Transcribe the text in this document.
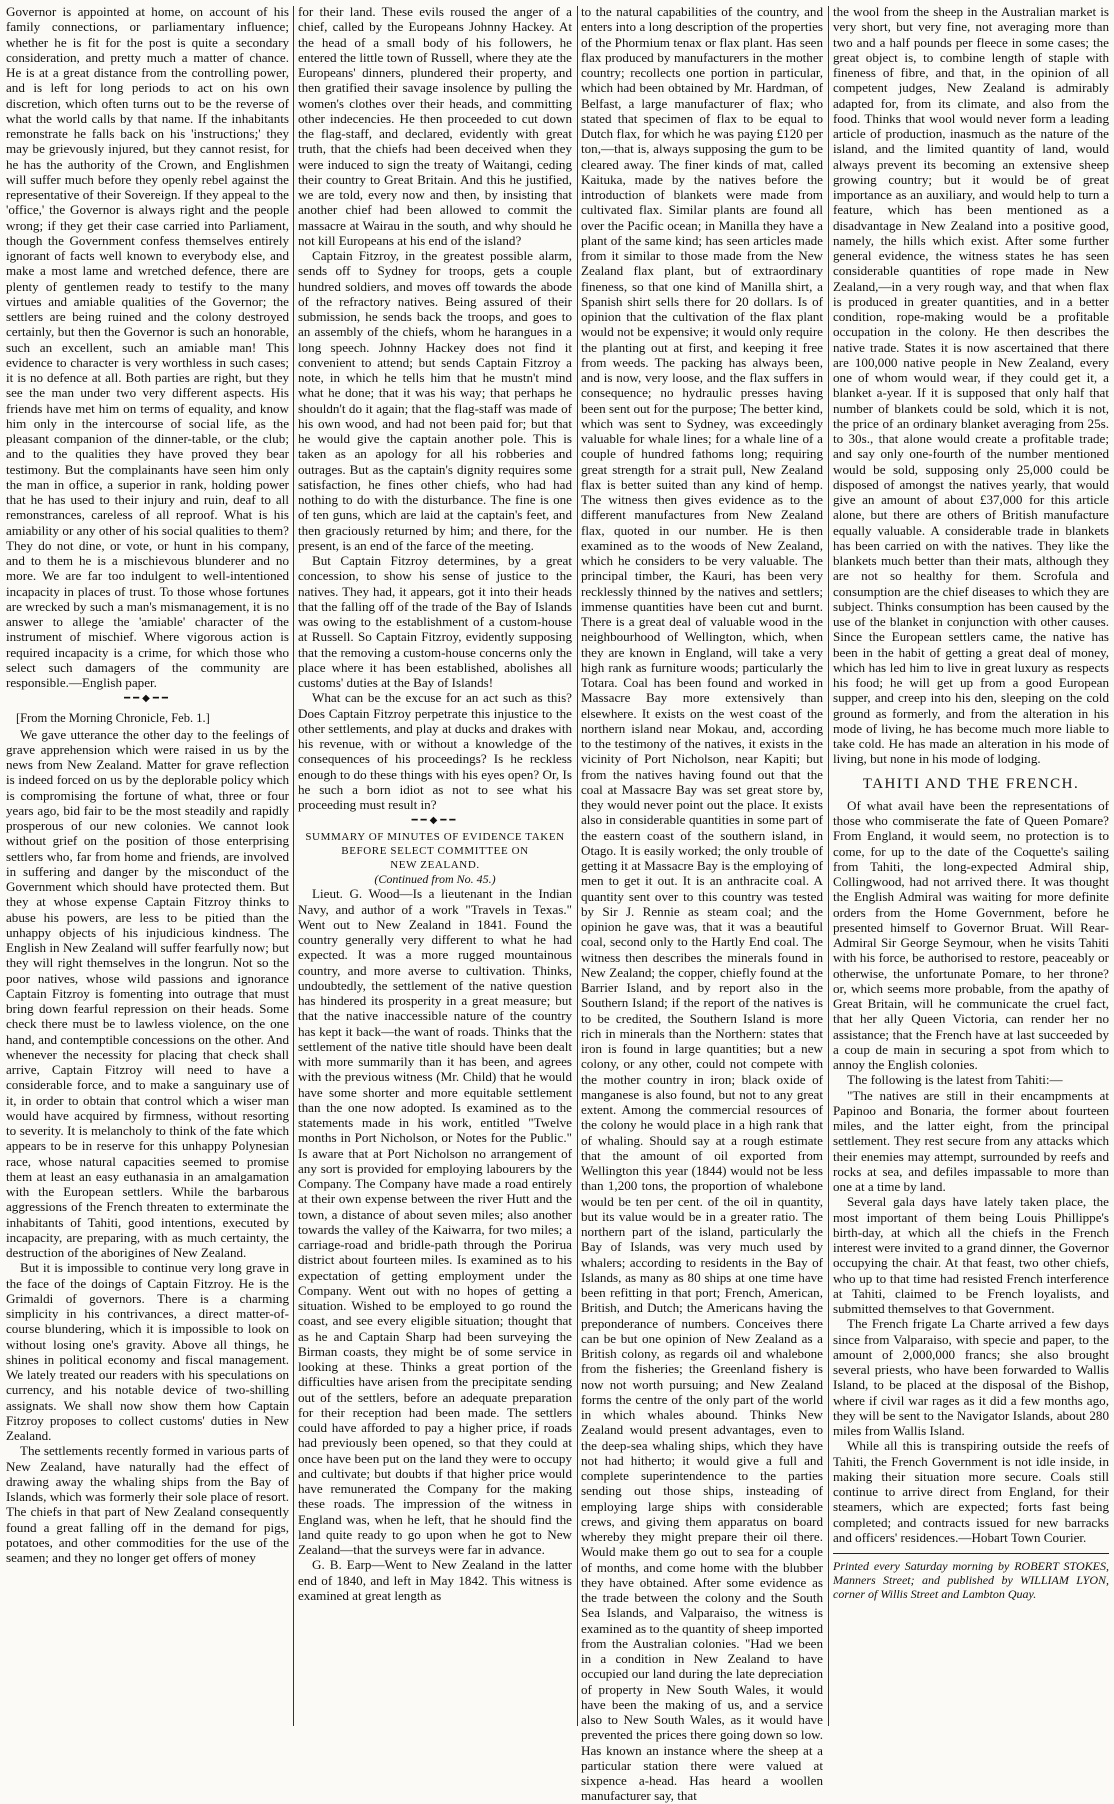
Governor is appointed at home, on account of his family connections, or parliamentary influence; whether he is fit for the post is quite a secondary consideration, and pretty much a matter of chance. He is at a great distance from the controlling power, and is left for long periods to act on his own discretion, which often turns out to be the reverse of what the world calls by that name. If the inhabitants remonstrate he falls back on his 'instructions;' they may be grievously injured, but they cannot resist, for he has the authority of the Crown, and Englishmen will suffer much before they openly rebel against the representative of their Sovereign. If they appeal to the 'office,' the Governor is always right and the people wrong; if they get their case carried into Parliament, though the Government confess themselves entirely ignorant of facts well known to everybody else, and make a most lame and wretched defence, there are plenty of gentlemen ready to testify to the many virtues and amiable qualities of the Governor; the settlers are being ruined and the colony destroyed certainly, but then the Governor is such an honorable, such an excellent, such an amiable man! This evidence to character is very worthless in such cases; it is no defence at all. Both parties are right, but they see the man under two very different aspects. His friends have met him on terms of equality, and know him only in the intercourse of social life, as the pleasant companion of the dinner-table, or the club; and to the qualities they have proved they bear testimony. But the complainants have seen him only the man in office, a superior in rank, holding power that he has used to their injury and ruin, deaf to all remonstrances, careless of all reproof. What is his amiability or any other of his social qualities to them? They do not dine, or vote, or hunt in his company, and to them he is a mischievous blunderer and no more. We are far too indulgent to well-intentioned incapacity in places of trust. To those whose fortunes are wrecked by such a man's mismanagement, it is no answer to allege the 'amiable' character of the instrument of mischief. Where vigorous action is required incapacity is a crime, for which those who select such damagers of the community are responsible.—English paper.

━━◆━━

[From the Morning Chronicle, Feb. 1.]

We gave utterance the other day to the feelings of grave apprehension which were raised in us by the news from New Zealand. Matter for grave reflection is indeed forced on us by the deplorable policy which is compromising the fortune of what, three or four years ago, bid fair to be the most steadily and rapidly prosperous of our new colonies. We cannot look without grief on the position of those enterprising settlers who, far from home and friends, are involved in suffering and danger by the misconduct of the Government which should have protected them. But they at whose expense Captain Fitzroy thinks to abuse his powers, are less to be pitied than the unhappy objects of his injudicious kindness. The English in New Zealand will suffer fearfully now; but they will right themselves in the longrun. Not so the poor natives, whose wild passions and ignorance Captain Fitzroy is fomenting into outrage that must bring down fearful repression on their heads. Some check there must be to lawless violence, on the one hand, and contemptible concessions on the other. And whenever the necessity for placing that check shall arrive, Captain Fitzroy will need to have a considerable force, and to make a sanguinary use of it, in order to obtain that control which a wiser man would have acquired by firmness, without resorting to severity. It is melancholy to think of the fate which appears to be in reserve for this unhappy Polynesian race, whose natural capacities seemed to promise them at least an easy euthanasia in an amalgamation with the European settlers. While the barbarous aggressions of the French threaten to exterminate the inhabitants of Tahiti, good intentions, executed by incapacity, are preparing, with as much certainty, the destruction of the aborigines of New Zealand.

But it is impossible to continue very long grave in the face of the doings of Captain Fitzroy. He is the Grimaldi of governors. There is a charming simplicity in his contrivances, a direct matter-of-course blundering, which it is impossible to look on without losing one's gravity. Above all things, he shines in political economy and fiscal management. We lately treated our readers with his speculations on currency, and his notable device of two-shilling assignats. We shall now show them how Captain Fitzroy proposes to collect customs' duties in New Zealand.

The settlements recently formed in various parts of New Zealand, have naturally had the effect of drawing away the whaling ships from the Bay of Islands, which was formerly their sole place of resort. The chiefs in that part of New Zealand consequently found a great falling off in the demand for pigs, potatoes, and other commodities for the use of the seamen; and they no longer get offers of money

for their land. These evils roused the anger of a chief, called by the Europeans Johnny Hackey. At the head of a small body of his followers, he entered the little town of Russell, where they ate the Europeans' dinners, plundered their property, and then gratified their savage insolence by pulling the women's clothes over their heads, and committing other indecencies. He then proceeded to cut down the flag-staff, and declared, evidently with great truth, that the chiefs had been deceived when they were induced to sign the treaty of Waitangi, ceding their country to Great Britain. And this he justified, we are told, every now and then, by insisting that another chief had been allowed to commit the massacre at Wairau in the south, and why should he not kill Europeans at his end of the island?

Captain Fitzroy, in the greatest possible alarm, sends off to Sydney for troops, gets a couple hundred soldiers, and moves off towards the abode of the refractory natives. Being assured of their submission, he sends back the troops, and goes to an assembly of the chiefs, whom he harangues in a long speech. Johnny Hackey does not find it convenient to attend; but sends Captain Fitzroy a note, in which he tells him that he mustn't mind what he done; that it was his way; that perhaps he shouldn't do it again; that the flag-staff was made of his own wood, and had not been paid for; but that he would give the captain another pole. This is taken as an apology for all his robberies and outrages. But as the captain's dignity requires some satisfaction, he fines other chiefs, who had had nothing to do with the disturbance. The fine is one of ten guns, which are laid at the captain's feet, and then graciously returned by him; and there, for the present, is an end of the farce of the meeting.

But Captain Fitzroy determines, by a great concession, to show his sense of justice to the natives. They had, it appears, got it into their heads that the falling off of the trade of the Bay of Islands was owing to the establishment of a custom-house at Russell. So Captain Fitzroy, evidently supposing that the removing a custom-house concerns only the place where it has been established, abolishes all customs' duties at the Bay of Islands!

What can be the excuse for an act such as this? Does Captain Fitzroy perpetrate this injustice to the other settlements, and play at ducks and drakes with his revenue, with or without a knowledge of the consequences of his proceedings? Is he reckless enough to do these things with his eyes open? Or, Is he such a born idiot as not to see what his proceeding must result in?

━━◆━━
SUMMARY OF MINUTES OF EVIDENCE TAKEN BEFORE SELECT COMMITTEE ON
NEW ZEALAND.
(Continued from No. 45.)

Lieut. G. Wood—Is a lieutenant in the Indian Navy, and author of a work "Travels in Texas." Went out to New Zealand in 1841. Found the country generally very different to what he had expected. It was a more rugged mountainous country, and more averse to cultivation. Thinks, undoubtedly, the settlement of the native question has hindered its prosperity in a great measure; but that the native inaccessible nature of the country has kept it back—the want of roads. Thinks that the settlement of the native title should have been dealt with more summarily than it has been, and agrees with the previous witness (Mr. Child) that he would have some shorter and more equitable settlement than the one now adopted. Is examined as to the statements made in his work, entitled "Twelve months in Port Nicholson, or Notes for the Public." Is aware that at Port Nicholson no arrangement of any sort is provided for employing labourers by the Company. The Company have made a road entirely at their own expense between the river Hutt and the town, a distance of about seven miles; also another towards the valley of the Kaiwarra, for two miles; a carriage-road and bridle-path through the Porirua district about fourteen miles. Is examined as to his expectation of getting employment under the Company. Went out with no hopes of getting a situation. Wished to be employed to go round the coast, and see every eligible situation; thought that as he and Captain Sharp had been surveying the Birman coasts, they might be of some service in looking at these. Thinks a great portion of the difficulties have arisen from the precipitate sending out of the settlers, before an adequate preparation for their reception had been made. The settlers could have afforded to pay a higher price, if roads had previously been opened, so that they could at once have been put on the land they were to occupy and cultivate; but doubts if that higher price would have remunerated the Company for the making these roads. The impression of the witness in England was, when he left, that he should find the land quite ready to go upon when he got to New Zealand—that the surveys were far in advance.

G. B. Earp—Went to New Zealand in the latter end of 1840, and left in May 1842. This witness is examined at great length as

to the natural capabilities of the country, and enters into a long description of the properties of the Phormium tenax or flax plant. Has seen flax produced by manufacturers in the mother country; recollects one portion in particular, which had been obtained by Mr. Hardman, of Belfast, a large manufacturer of flax; who stated that specimen of flax to be equal to Dutch flax, for which he was paying £120 per ton,—that is, always supposing the gum to be cleared away. The finer kinds of mat, called Kaituka, made by the natives before the introduction of blankets were made from cultivated flax. Similar plants are found all over the Pacific ocean; in Manilla they have a plant of the same kind; has seen articles made from it similar to those made from the New Zealand flax plant, but of extraordinary fineness, so that one kind of Manilla shirt, a Spanish shirt sells there for 20 dollars. Is of opinion that the cultivation of the flax plant would not be expensive; it would only require the planting out at first, and keeping it free from weeds. The packing has always been, and is now, very loose, and the flax suffers in consequence; no hydraulic presses having been sent out for the purpose; The better kind, which was sent to Sydney, was exceedingly valuable for whale lines; for a whale line of a couple of hundred fathoms long; requiring great strength for a strait pull, New Zealand flax is better suited than any kind of hemp. The witness then gives evidence as to the different manufactures from New Zealand flax, quoted in our number. He is then examined as to the woods of New Zealand, which he considers to be very valuable. The principal timber, the Kauri, has been very recklessly thinned by the natives and settlers; immense quantities have been cut and burnt. There is a great deal of valuable wood in the neighbourhood of Wellington, which, when they are known in England, will take a very high rank as furniture woods; particularly the Totara. Coal has been found and worked in Massacre Bay more extensively than elsewhere. It exists on the west coast of the northern island near Mokau, and, according to the testimony of the natives, it exists in the vicinity of Port Nicholson, near Kapiti; but from the natives having found out that the coal at Massacre Bay was set great store by, they would never point out the place. It exists also in considerable quantities in some part of the eastern coast of the southern island, in Otago. It is easily worked; the only trouble of getting it at Massacre Bay is the employing of men to get it out. It is an anthracite coal. A quantity sent over to this country was tested by Sir J. Rennie as steam coal; and the opinion he gave was, that it was a beautiful coal, second only to the Hartly End coal. The witness then describes the minerals found in New Zealand; the copper, chiefly found at the Barrier Island, and by report also in the Southern Island; if the report of the natives is to be credited, the Southern Island is more rich in minerals than the Northern: states that iron is found in large quantities; but a new colony, or any other, could not compete with the mother country in iron; black oxide of manganese is also found, but not to any great extent. Among the commercial resources of the colony he would place in a high rank that of whaling. Should say at a rough estimate that the amount of oil exported from Wellington this year (1844) would not be less than 1,200 tons, the proportion of whalebone would be ten per cent. of the oil in quantity, but its value would be in a greater ratio. The northern part of the island, particularly the Bay of Islands, was very much used by whalers; according to residents in the Bay of Islands, as many as 80 ships at one time have been refitting in that port; French, American, British, and Dutch; the Americans having the preponderance of numbers. Conceives there can be but one opinion of New Zealand as a British colony, as regards oil and whalebone from the fisheries; the Greenland fishery is now not worth pursuing; and New Zealand forms the centre of the only part of the world in which whales abound. Thinks New Zealand would present advantages, even to the deep-sea whaling ships, which they have not had hitherto; it would give a full and complete superintendence to the parties sending out those ships, insteading of employing large ships with considerable crews, and giving them apparatus on board whereby they might prepare their oil there. Would make them go out to sea for a couple of months, and come home with the blubber they have obtained. After some evidence as the trade between the colony and the South Sea Islands, and Valparaiso, the witness is examined as to the quantity of sheep imported from the Australian colonies. "Had we been in a condition in New Zealand to have occupied our land during the late depreciation of property in New South Wales, it would have been the making of us, and a service also to New South Wales, as it would have prevented the prices there going down so low. Has known an instance where the sheep at a particular station there were valued at sixpence a-head. Has heard a woollen manufacturer say, that

the wool from the sheep in the Australian market is very short, but very fine, not averaging more than two and a half pounds per fleece in some cases; the great object is, to combine length of staple with fineness of fibre, and that, in the opinion of all competent judges, New Zealand is admirably adapted for, from its climate, and also from the food. Thinks that wool would never form a leading article of production, inasmuch as the nature of the island, and the limited quantity of land, would always prevent its becoming an extensive sheep growing country; but it would be of great importance as an auxiliary, and would help to turn a feature, which has been mentioned as a disadvantage in New Zealand into a positive good, namely, the hills which exist. After some further general evidence, the witness states he has seen considerable quantities of rope made in New Zealand,—in a very rough way, and that when flax is produced in greater quantities, and in a better condition, rope-making would be a profitable occupation in the colony. He then describes the native trade. States it is now ascertained that there are 100,000 native people in New Zealand, every one of whom would wear, if they could get it, a blanket a-year. If it is supposed that only half that number of blankets could be sold, which it is not, the price of an ordinary blanket averaging from 25s. to 30s., that alone would create a profitable trade; and say only one-fourth of the number mentioned would be sold, supposing only 25,000 could be disposed of amongst the natives yearly, that would give an amount of about £37,000 for this article alone, but there are others of British manufacture equally valuable. A considerable trade in blankets has been carried on with the natives. They like the blankets much better than their mats, although they are not so healthy for them. Scrofula and consumption are the chief diseases to which they are subject. Thinks consumption has been caused by the use of the blanket in conjunction with other causes. Since the European settlers came, the native has been in the habit of getting a great deal of money, which has led him to live in great luxury as respects his food; he will get up from a good European supper, and creep into his den, sleeping on the cold ground as formerly, and from the alteration in his mode of living, he has become much more liable to take cold. He has made an alteration in his mode of living, but none in his mode of lodging.

TAHITI AND THE FRENCH.

Of what avail have been the representations of those who commiserate the fate of Queen Pomare? From England, it would seem, no protection is to come, for up to the date of the Coquette's sailing from Tahiti, the long-expected Admiral ship, Collingwood, had not arrived there. It was thought the English Admiral was waiting for more definite orders from the Home Government, before he presented himself to Governor Bruat. Will Rear-Admiral Sir George Seymour, when he visits Tahiti with his force, be authorised to restore, peaceably or otherwise, the unfortunate Pomare, to her throne? or, which seems more probable, from the apathy of Great Britain, will he communicate the cruel fact, that her ally Queen Victoria, can render her no assistance; that the French have at last succeeded by a coup de main in securing a spot from which to annoy the English colonies.

The following is the latest from Tahiti:—

"The natives are still in their encampments at Papinoo and Bonaria, the former about fourteen miles, and the latter eight, from the principal settlement. They rest secure from any attacks which their enemies may attempt, surrounded by reefs and rocks at sea, and defiles impassable to more than one at a time by land.

Several gala days have lately taken place, the most important of them being Louis Phillippe's birth-day, at which all the chiefs in the French interest were invited to a grand dinner, the Governor occupying the chair. At that feast, two other chiefs, who up to that time had resisted French interference at Tahiti, claimed to be French loyalists, and submitted themselves to that Government.

The French frigate La Charte arrived a few days since from Valparaiso, with specie and paper, to the amount of 2,000,000 francs; she also brought several priests, who have been forwarded to Wallis Island, to be placed at the disposal of the Bishop, where if civil war rages as it did a few months ago, they will be sent to the Navigator Islands, about 280 miles from Wallis Island.

While all this is transpiring outside the reefs of Tahiti, the French Government is not idle inside, in making their situation more secure. Coals still continue to arrive direct from England, for their steamers, which are expected; forts fast being completed; and contracts issued for new barracks and officers' residences.—Hobart Town Courier.

Printed every Saturday morning by ROBERT STOKES, Manners Street; and published by WILLIAM LYON, corner of Willis Street and Lambton Quay.
